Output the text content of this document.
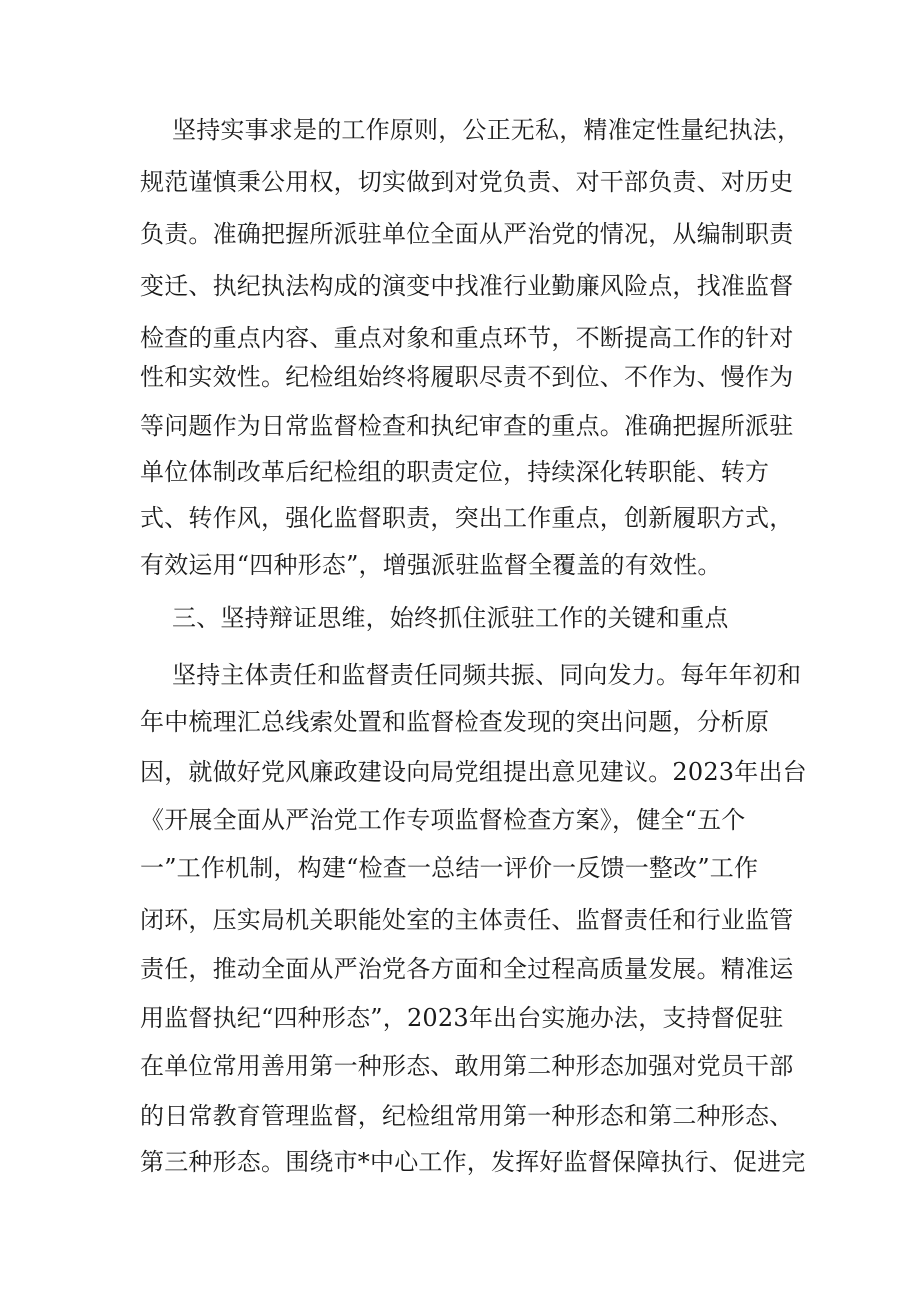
坚持实事求是的工作原则，公正无私，精准定性量纪执法，
规范谨慎秉公用权，切实做到对党负责、对干部负责、对历史
负责。准确把握所派驻单位全面从严治党的情况，从编制职责
变迁、执纪执法构成的演变中找准行业勤廉风险点，找准监督
检查的重点内容、重点对象和重点环节，不断提高工作的针对
性和实效性。纪检组始终将履职尽责不到位、不作为、慢作为
等问题作为日常监督检查和执纪审查的重点。准确把握所派驻
单位体制改革后纪检组的职责定位，持续深化转职能、转方
式、转作风，强化监督职责，突出工作重点，创新履职方式，
有效运用“四种形态”，增强派驻监督全覆盖的有效性。
三、坚持辩证思维，始终抓住派驻工作的关键和重点
坚持主体责任和监督责任同频共振、同向发力。每年年初和
年中梳理汇总线索处置和监督检查发现的突出问题，分析原
因，就做好党风廉政建设向局党组提出意见建议。2023年出台
《开展全面从严治党工作专项监督检查方案》，健全“五个
一”工作机制，构建“检查一总结一评价一反馈一整改”工作
闭环，压实局机关职能处室的主体责任、监督责任和行业监管
责任，推动全面从严治党各方面和全过程高质量发展。精准运
用监督执纪“四种形态”，2023年出台实施办法，支持督促驻
在单位常用善用第一种形态、敢用第二种形态加强对党员干部
的日常教育管理监督，纪检组常用第一种形态和第二种形态、
第三种形态。围绕市*中心工作，发挥好监督保障执行、促进完
